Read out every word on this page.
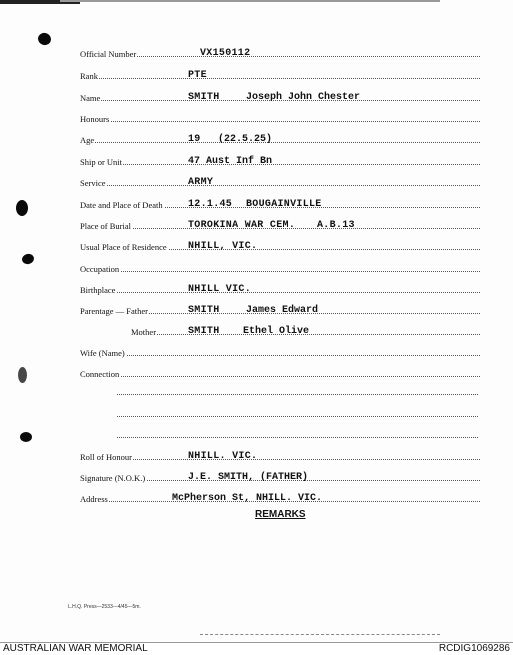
Official Number	VX150112
Rank	PTE
Name	SMITH	Joseph John Chester
Honours
Age	19 (22.5.25)
Ship or Unit	47 Aust Inf Bn
Service	ARMY
Date and Place of Death	12.1.45 BOUGAINVILLE
Place of Burial	TOROKINA WAR CEM. A.B.13
Usual Place of Residence NHILL, VIC.
Occupation
Birthplace	NHILL VIC.
Parentage — Father	SMITH	James Edward
Mother	SMITH Ethel Olive
Wife (Name)
Connection
Roll of Honour	NHILL. VIC.
Signature (N.O.K.)	J.E. SMITH, (FATHER)
Address	McPherson St, NHILL. VIC.
REMARKS
L.H.Q. Press—2533—4/45—5m.
AUSTRALIAN WAR MEMORIAL	RCDIG1069286
